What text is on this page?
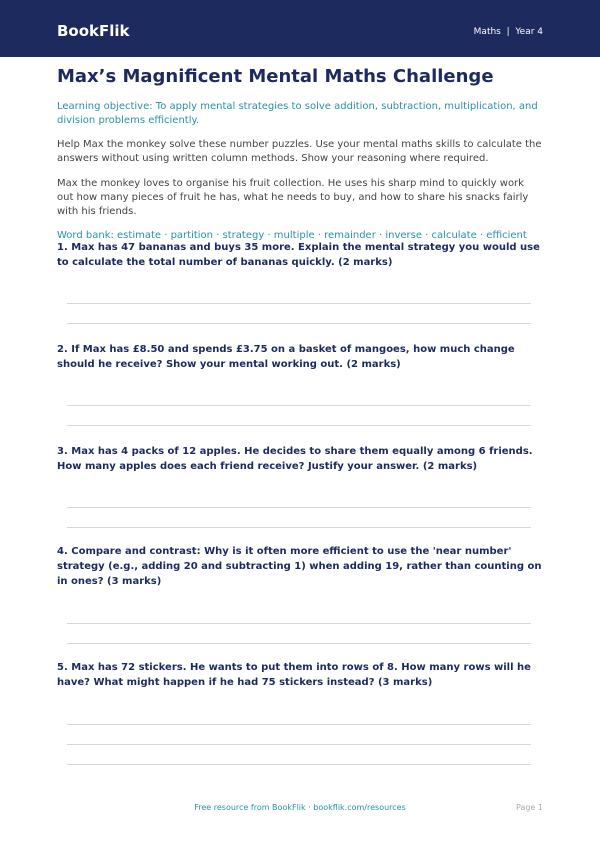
BookFlik	Maths  |  Year 4
Max’s Magnificent Mental Maths Challenge

Learning objective: To apply mental strategies to solve addition, subtraction, multiplication, and division problems efficiently.

Help Max the monkey solve these number puzzles. Use your mental maths skills to calculate the answers without using written column methods. Show your reasoning where required.

Max the monkey loves to organise his fruit collection. He uses his sharp mind to quickly work out how many pieces of fruit he has, what he needs to buy, and how to share his snacks fairly with his friends.

Word bank: estimate · partition · strategy · multiple · remainder · inverse · calculate · efficient

1. Max has 47 bananas and buys 35 more. Explain the mental strategy you would use to calculate the total number of bananas quickly. (2 marks)

2. If Max has £8.50 and spends £3.75 on a basket of mangoes, how much change should he receive? Show your mental working out. (2 marks)

3. Max has 4 packs of 12 apples. He decides to share them equally among 6 friends. How many apples does each friend receive? Justify your answer. (2 marks)

4. Compare and contrast: Why is it often more efficient to use the 'near number' strategy (e.g., adding 20 and subtracting 1) when adding 19, rather than counting on in ones? (3 marks)

5. Max has 72 stickers. He wants to put them into rows of 8. How many rows will he have? What might happen if he had 75 stickers instead? (3 marks)

Free resource from BookFlik · bookflik.com/resources	Page 1
